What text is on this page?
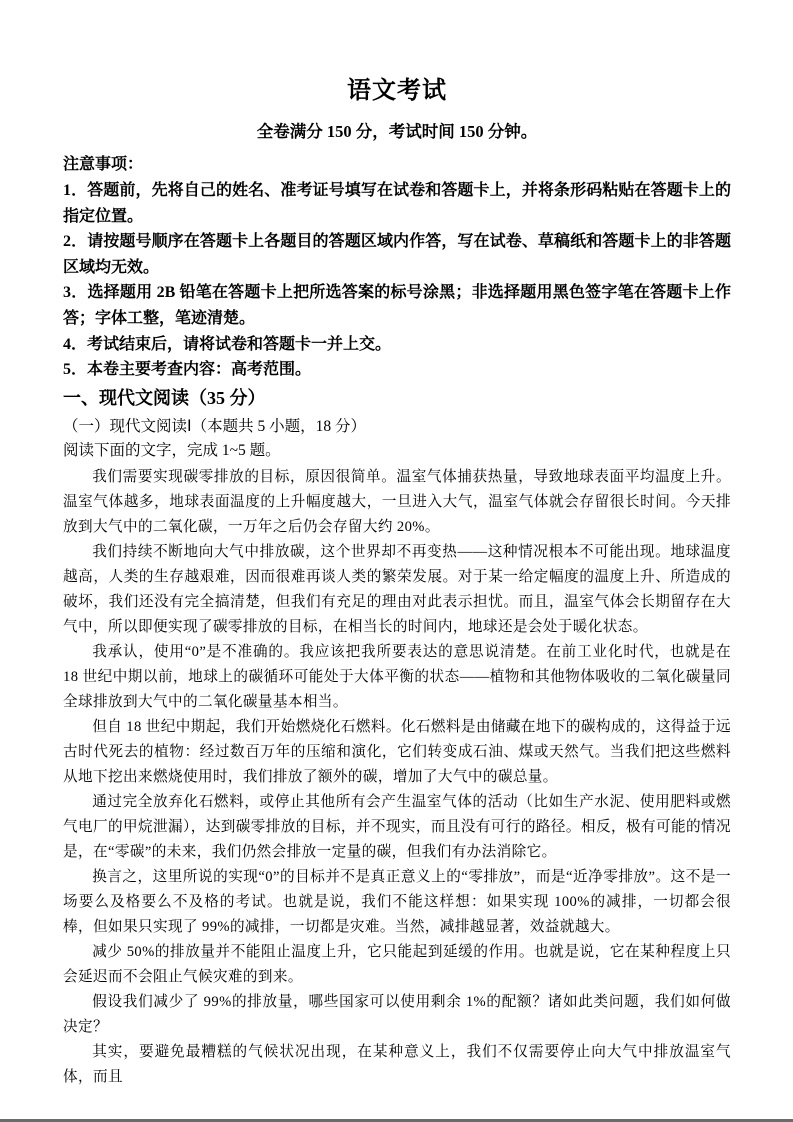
语文考试
全卷满分 150 分，考试时间 150 分钟。
注意事项：

1．答题前，先将自己的姓名、准考证号填写在试卷和答题卡上，并将条形码粘贴在答题卡上的指定位置。

2．请按题号顺序在答题卡上各题目的答题区域内作答，写在试卷、草稿纸和答题卡上的非答题区域均无效。

3．选择题用 2B 铅笔在答题卡上把所选答案的标号涂黑；非选择题用黑色签字笔在答题卡上作答；字体工整，笔迹清楚。

4．考试结束后，请将试卷和答题卡一并上交。

5．本卷主要考查内容：高考范围。

一、现代文阅读（35 分）
（一）现代文阅读Ⅰ（本题共 5 小题，18 分）
阅读下面的文字，完成 1~5 题。

我们需要实现碳零排放的目标，原因很简单。温室气体捕获热量，导致地球表面平均温度上升。温室气体越多，地球表面温度的上升幅度越大，一旦进入大气，温室气体就会存留很长时间。今天排放到大气中的二氧化碳，一万年之后仍会存留大约 20%。

我们持续不断地向大气中排放碳，这个世界却不再变热——这种情况根本不可能出现。地球温度越高，人类的生存越艰难，因而很难再谈人类的繁荣发展。对于某一给定幅度的温度上升、所造成的破坏，我们还没有完全搞清楚，但我们有充足的理由对此表示担忧。而且，温室气体会长期留存在大气中，所以即便实现了碳零排放的目标，在相当长的时间内，地球还是会处于暖化状态。

我承认，使用“0”是不准确的。我应该把我所要表达的意思说清楚。在前工业化时代，也就是在 18 世纪中期以前，地球上的碳循环可能处于大体平衡的状态——植物和其他物体吸收的二氧化碳量同全球排放到大气中的二氧化碳量基本相当。

但自 18 世纪中期起，我们开始燃烧化石燃料。化石燃料是由储藏在地下的碳构成的，这得益于远古时代死去的植物：经过数百万年的压缩和演化，它们转变成石油、煤或天然气。当我们把这些燃料从地下挖出来燃烧使用时，我们排放了额外的碳，增加了大气中的碳总量。

通过完全放弃化石燃料，或停止其他所有会产生温室气体的活动（比如生产水泥、使用肥料或燃气电厂的甲烷泄漏），达到碳零排放的目标，并不现实，而且没有可行的路径。相反，极有可能的情况是，在“零碳”的未来，我们仍然会排放一定量的碳，但我们有办法消除它。

换言之，这里所说的实现“0”的目标并不是真正意义上的“零排放”，而是“近净零排放”。这不是一场要么及格要么不及格的考试。也就是说，我们不能这样想：如果实现 100%的减排，一切都会很棒，但如果只实现了 99%的减排，一切都是灾难。当然，减排越显著，效益就越大。

减少 50%的排放量并不能阻止温度上升，它只能起到延缓的作用。也就是说，它在某种程度上只会延迟而不会阻止气候灾难的到来。

假设我们减少了 99%的排放量，哪些国家可以使用剩余 1%的配额？诸如此类问题，我们如何做决定？

其实，要避免最糟糕的气候状况出现，在某种意义上，我们不仅需要停止向大气中排放温室气体，而且
